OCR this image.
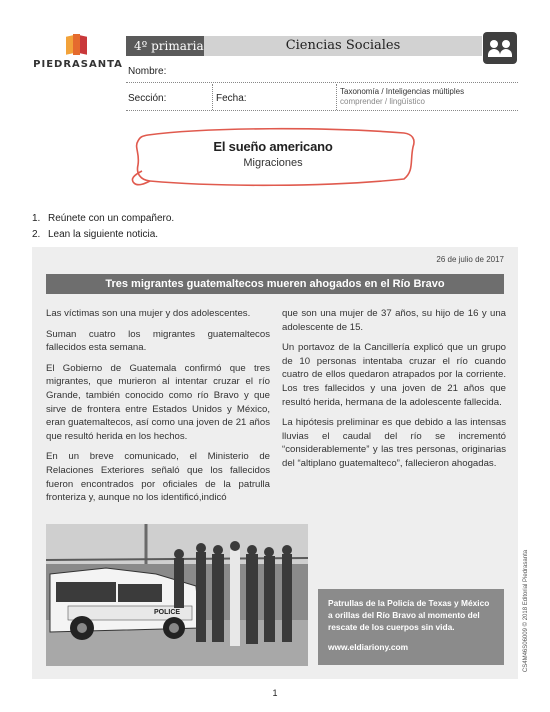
PIEDRASANTA
4º primaria	Ciencias Sociales
Nombre:
Sección:	Fecha:
Taxonomía / Inteligencias múltiples
comprender / lingüístico
El sueño americano
Migraciones
1. Reúnete con un compañero.
2. Lean la siguiente noticia.
26 de julio de 2017
Tres migrantes guatemaltecos mueren ahogados en el Río Bravo

Las víctimas son una mujer y dos adolescentes.

Suman cuatro los migrantes guatemaltecos fallecidos esta semana.

El Gobierno de Guatemala confirmó que tres migrantes, que murieron al intentar cruzar el río Grande, también conocido como río Bravo y que sirve de frontera entre Estados Unidos y México, eran guatemaltecos, así como una joven de 21 años que resultó herida en los hechos.

En un breve comunicado, el Ministerio de Relaciones Exteriores señaló que los fallecidos fueron encontrados por oficiales de la patrulla fronteriza y, aunque no los identificó,indicó

que son una mujer de 37 años, su hijo de 16 y una adolescente de 15.

Un portavoz de la Cancillería explicó que un grupo de 10 personas intentaba cruzar el río cuando cuatro de ellos quedaron atrapados por la corriente. Los tres fallecidos y una joven de 21 años que resultó herida, hermana de la adolescente fallecida.

La hipótesis preliminar es que debido a las intensas lluvias el caudal del río se incrementó “considerablemente” y las tres personas, originarias del “altiplano guatemalteco”, fallecieron ahogadas.

POLICE
Patrullas de la Policía de Texas y México a orillas del Río Bravo al momento del rescate de los cuerpos sin vida.
www.eldiariony.com	CS4M46S06009 © 2018 Editorial Piedrasanta
1
